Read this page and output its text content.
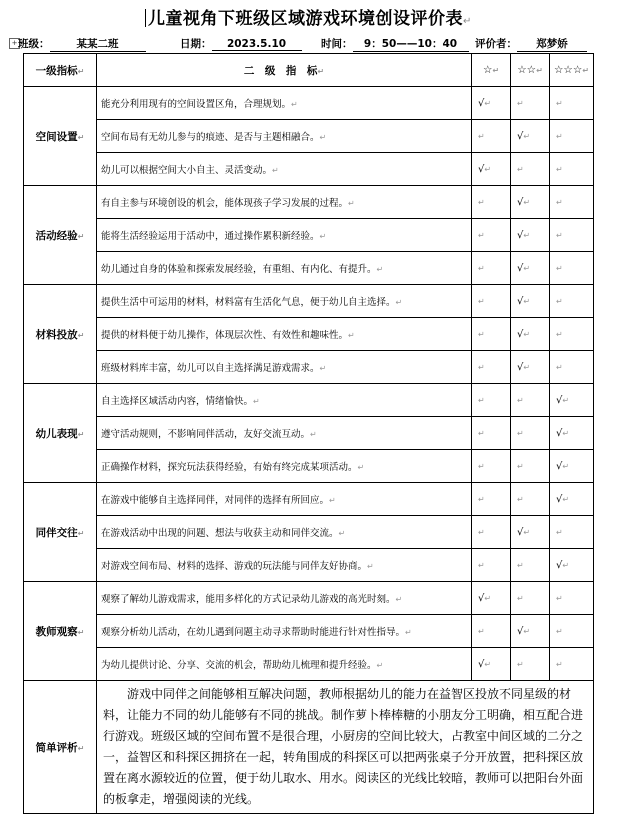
儿童视角下班级区域游戏环境创设评价表↵
+ 班级：	某某二班	日期： 2023.5.10	时间： 9：50——10：40	评价者： 郑梦娇
一级指标↵	二　级　指　标↵	☆↵	☆☆↵	☆☆☆↵
空间设置↵	能充分利用现有的空间设置区角，合理规划。↵	√↵	↵	↵
	空间布局有无幼儿参与的痕迹、是否与主题相融合。↵	↵	√↵	↵
	幼儿可以根据空间大小自主、灵活变动。↵	√↵	↵	↵
活动经验↵	有自主参与环境创设的机会，能体现孩子学习发展的过程。↵	↵	√↵	↵
	能将生活经验运用于活动中，通过操作累积新经验。↵	↵	√↵	↵
	幼儿通过自身的体验和探索发展经验，有重组、有内化、有提升。↵	↵	√↵	↵
材料投放↵	提供生活中可运用的材料，材料富有生活化气息，便于幼儿自主选择。↵	↵	√↵	↵
	提供的材料便于幼儿操作，体现层次性、有效性和趣味性。↵	↵	√↵	↵
	班级材料库丰富，幼儿可以自主选择满足游戏需求。↵	↵	√↵	↵
幼儿表现↵	自主选择区域活动内容，情绪愉快。↵	↵	↵	√↵
	遵守活动规则，不影响同伴活动，友好交流互动。↵	↵	↵	√↵
	正确操作材料，探究玩法获得经验，有始有终完成某项活动。↵	↵	↵	√↵
同伴交往↵	在游戏中能够自主选择同伴，对同伴的选择有所回应。↵	↵	↵	√↵
	在游戏活动中出现的问题、想法与收获主动和同伴交流。↵	↵	√↵	↵
	对游戏空间布局、材料的选择、游戏的玩法能与同伴友好协商。↵	↵	↵	√↵
教师观察↵	观察了解幼儿游戏需求，能用多样化的方式记录幼儿游戏的高光时刻。↵	√↵	↵	↵
	观察分析幼儿活动，在幼儿遇到问题主动寻求帮助时能进行针对性指导。↵	↵	√↵	↵
	为幼儿提供讨论、分享、交流的机会，帮助幼儿梳理和提升经验。↵	√↵	↵	↵
简单评析↵	游戏中同伴之间能够相互解决问题，教师根据幼儿的能力在益智区投放不同星级的材料，让能力不同的幼儿能够有不同的挑战。制作萝卜棒棒糖的小朋友分工明确，相互配合进行游戏。班级区域的空间布置不是很合理，小厨房的空间比较大，占教室中间区域的二分之一，益智区和科探区拥挤在一起，转角围成的科探区可以把两张桌子分开放置，把科探区放置在离水源较近的位置，便于幼儿取水、用水。阅读区的光线比较暗，教师可以把阳台外面的板拿走，增强阅读的光线。			
